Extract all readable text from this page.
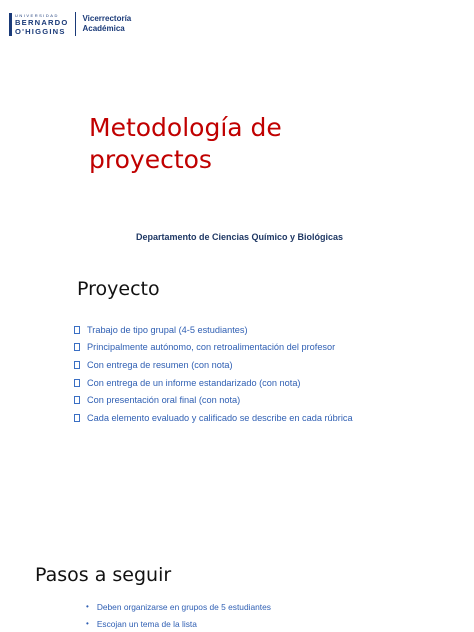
UNIVERSIDAD
BERNARDO
O'HIGGINS
Vicerrectoría
Académica
Metodología de proyectos
Departamento de Ciencias Químico y Biológicas
Proyecto
Trabajo de tipo grupal (4-5 estudiantes)
Principalmente autónomo, con retroalimentación del profesor
Con entrega de resumen (con nota)
Con entrega de un informe estandarizado (con nota)
Con presentación oral final (con nota)
Cada elemento evaluado y calificado se describe en cada rúbrica
Pasos a seguir
• Deben organizarse en grupos de 5 estudiantes
• Escojan un tema de la lista
